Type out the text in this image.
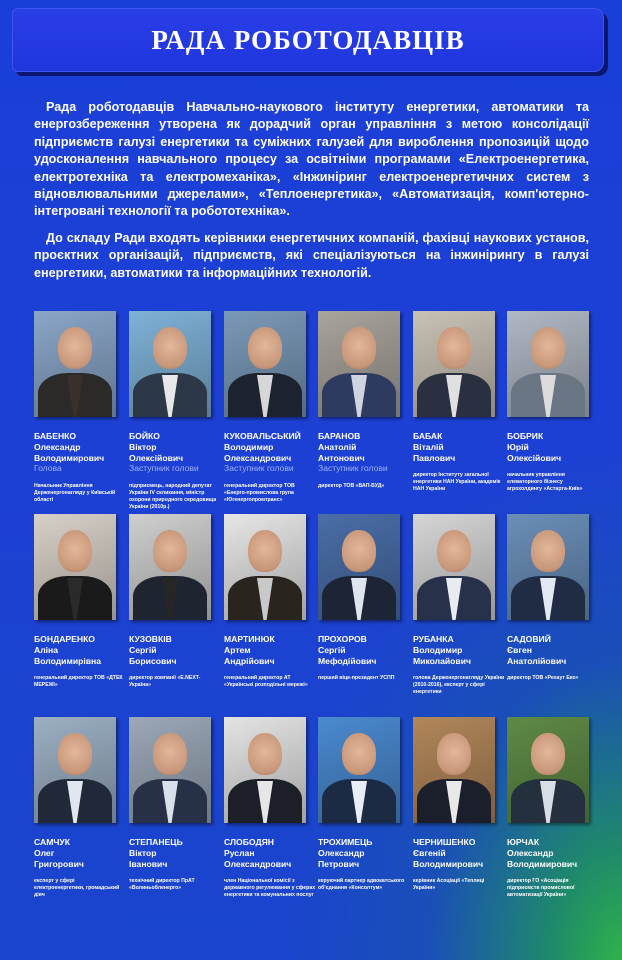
РАДА РОБОТОДАВЦІВ

Рада роботодавців Навчально-наукового інституту енергетики, автоматики та енергозбереження утворена як дорадчий орган управління з метою консолідації підприємств галузі енергетики та суміжних галузей для вироблення пропозицій щодо удосконалення навчального процесу за освітніми програмами «Електроенергетика, електротехніка та електромеханіка», «Інжиніринг електроенергетичних систем з відновлювальними джерелами», «Теплоенергетика», «Автоматизація, комп'ютерно-інтегровані технології та робототехніка».

До складу Ради входять керівники енергетичних компаній, фахівці наукових установ, проєктних організацій, підприємств, які спеціалізуються на інжинірингу в галузі енергетики, автоматики та інформаційних технологій.

БАБЕНКО
Олександр
Володимирович
Голова
Начальник Управління Держенергонагляду у Київській області
БОЙКО
Віктор
Олексійович
Заступник голови
підприємець, народний депутат України IV скликання, міністр охорони природного середовища України (2010р.)
КУКОВАЛЬСЬКИЙ
Володимир
Олександрович
Заступник голови
генеральний директор ТОВ «Енерго-промислова група «Югенергопромтранс»
БАРАНОВ
Анатолій
Антонович
Заступник голови
директор ТОВ «ВАП-БУД»
БАБАК
Віталій
Павлович
директор Інституту загальної енергетики НАН України, академік НАН України
БОБРИК
Юрій
Олексійович
начальник управління елеваторного бізнесу агрохолдингу «Астарта-Київ»
БОНДАРЕНКО
Аліна
Володимирівна
генеральний директор ТОВ «ДТЕК МЕРЕЖІ»
КУЗОВКІВ
Сергій
Борисович
директор компанії «E.NEXT-Україна»
МАРТИНЮК
Артем
Андрійович
генеральний директор АТ «Українські розподільні мережі»
ПРОХОРОВ
Сергій
Мефодійович
перший віце-президент УСПП
РУБАНКА
Володимир
Миколайович
голова Держенергонагляду України (2010-2016), експерт у сфері енергетики
САДОВИЙ
Євген
Анатолійович
директор ТОВ «Рехаут Еко»
САМЧУК
Олег
Григорович
експерт у сфері електроенергетики, громадський діяч
СТЕПАНЕЦЬ
Віктор
Іванович
технічний директор ПрАТ «Волиньобленерго»
СЛОБОДЯН
Руслан
Олександрович
член Національної комісії з державного регулювання у сферах енергетики та комунальних послуг
ТРОХИМЕЦЬ
Олександр
Петрович
керуючий партнер адвокатського об'єднання «Консолтум»
ЧЕРНИШЕНКО
Євгеній
Володимирович
керівник Асоціації «Теплиці України»
ЮРЧАК
Олександр
Володимирович
директор ГО «Асоціація підприємств промислової автоматизації України»
